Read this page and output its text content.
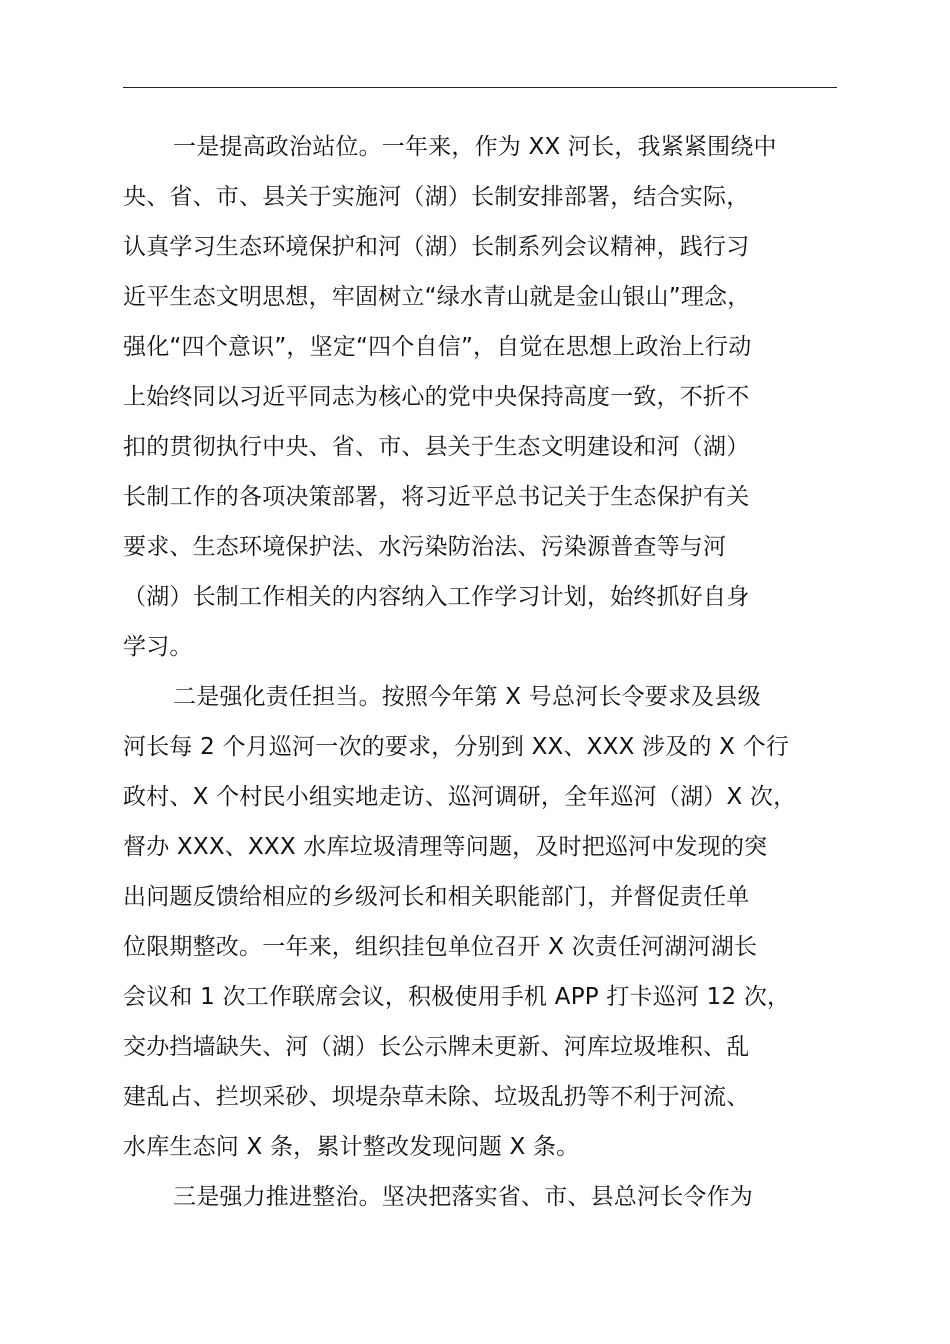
一是提高政治站位。一年来，作为 XX 河长，我紧紧围绕中
央、省、市、县关于实施河（湖）长制安排部署，结合实际，
认真学习生态环境保护和河（湖）长制系列会议精神，践行习
近平生态文明思想，牢固树立“绿水青山就是金山银山”理念，
强化“四个意识”，坚定“四个自信”，自觉在思想上政治上行动
上始终同以习近平同志为核心的党中央保持高度一致，不折不
扣的贯彻执行中央、省、市、县关于生态文明建设和河（湖）
长制工作的各项决策部署，将习近平总书记关于生态保护有关
要求、生态环境保护法、水污染防治法、污染源普查等与河
（湖）长制工作相关的内容纳入工作学习计划，始终抓好自身
学习。
二是强化责任担当。按照今年第 X 号总河长令要求及县级
河长每 2 个月巡河一次的要求，分别到 XX、XXX 涉及的 X 个行
政村、X 个村民小组实地走访、巡河调研，全年巡河（湖）X 次，
督办 XXX、XXX 水库垃圾清理等问题，及时把巡河中发现的突
出问题反馈给相应的乡级河长和相关职能部门，并督促责任单
位限期整改。一年来，组织挂包单位召开 X 次责任河湖河湖长
会议和 1 次工作联席会议，积极使用手机 APP 打卡巡河 12 次，
交办挡墙缺失、河（湖）长公示牌未更新、河库垃圾堆积、乱
建乱占、拦坝采砂、坝堤杂草未除、垃圾乱扔等不利于河流、
水库生态问 X 条，累计整改发现问题 X 条。
三是强力推进整治。坚决把落实省、市、县总河长令作为
